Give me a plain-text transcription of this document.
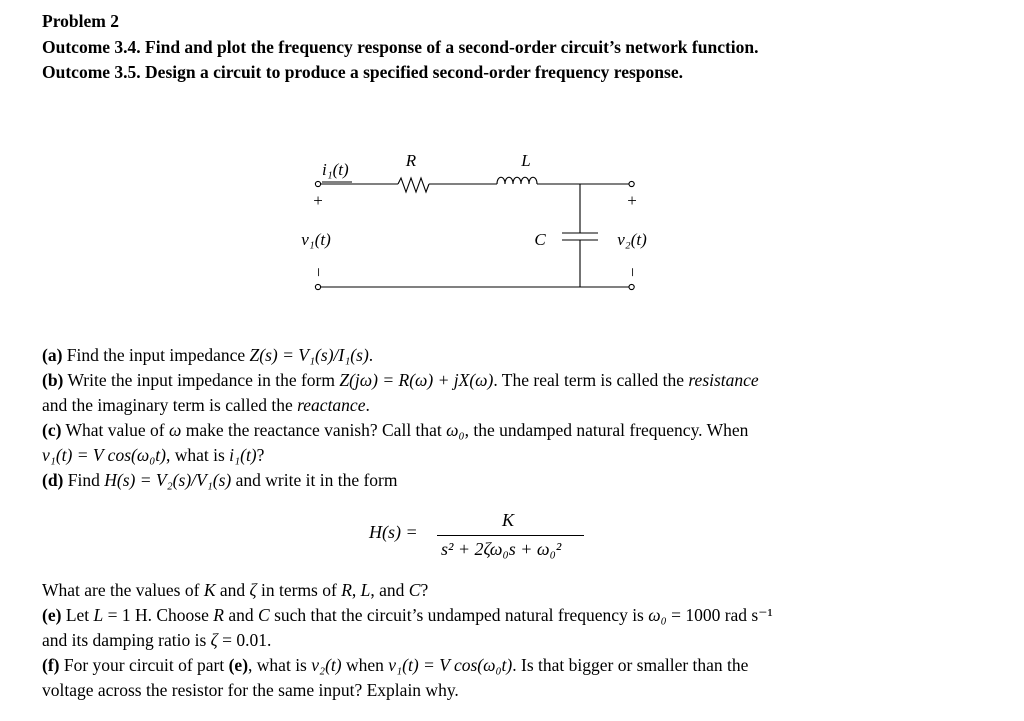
Problem 2
Outcome 3.4. Find and plot the frequency response of a second-order circuit’s network function.
Outcome 3.5. Design a circuit to produce a specified second-order frequency response.
i₁(t)	R	L
C
+
v₁(t)
−
+
v₂(t)
−
(a) Find the input impedance Z(s) = V₁(s)/I₁(s).
(b) Write the input impedance in the form Z(jω) = R(ω) + jX(ω). The real term is called the resistance
and the imaginary term is called the reactance.
(c) What value of ω make the reactance vanish? Call that ω₀, the undamped natural frequency. When
v₁(t) = V cos(ω₀t), what is i₁(t)?
(d) Find H(s) = V₂(s)/V₁(s) and write it in the form
H(s) =
K
s² + 2ζω₀s + ω₀²
What are the values of K and ζ in terms of R, L, and C?
(e) Let L = 1 H. Choose R and C such that the circuit’s undamped natural frequency is ω₀ = 1000 rad s⁻¹
and its damping ratio is ζ = 0.01.
(f) For your circuit of part (e), what is v₂(t) when v₁(t) = V cos(ω₀t). Is that bigger or smaller than the
voltage across the resistor for the same input? Explain why.
